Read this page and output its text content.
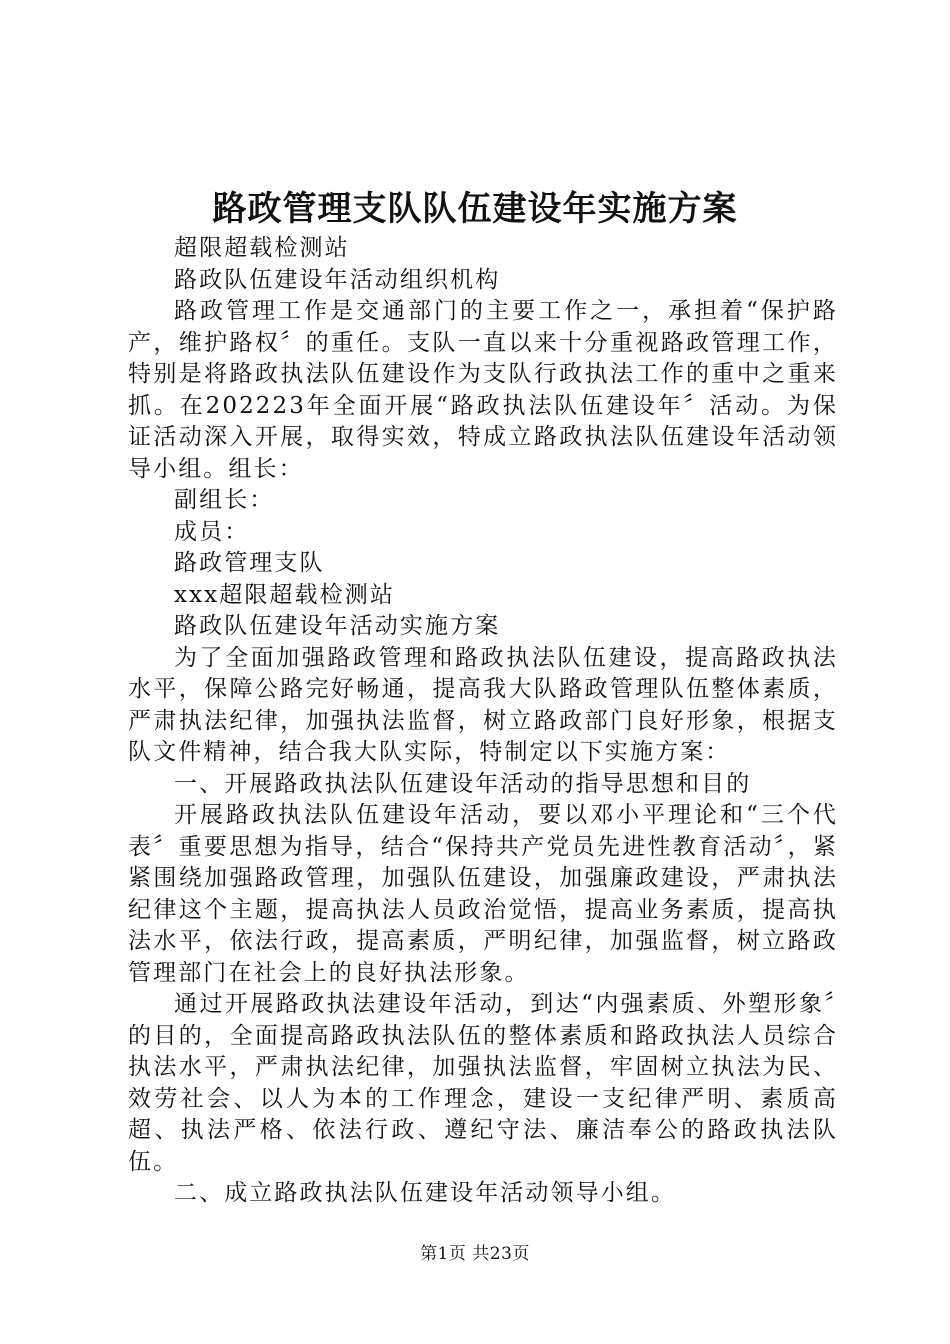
路政管理支队队伍建设年实施方案

超限超载检测站

路政队伍建设年活动组织机构

路政管理工作是交通部门的主要工作之一，承担着“保护路产，维护路权〞的重任。支队一直以来十分重视路政管理工作，特别是将路政执法队伍建设作为支队行政执法工作的重中之重来抓。在202223年全面开展“路政执法队伍建设年〞活动。为保证活动深入开展，取得实效，特成立路政执法队伍建设年活动领导小组。组长：

副组长：

成员：

路政管理支队

xxx超限超载检测站

路政队伍建设年活动实施方案

为了全面加强路政管理和路政执法队伍建设，提高路政执法水平，保障公路完好畅通，提高我大队路政管理队伍整体素质，严肃执法纪律，加强执法监督，树立路政部门良好形象，根据支队文件精神，结合我大队实际，特制定以下实施方案：

一、开展路政执法队伍建设年活动的指导思想和目的

开展路政执法队伍建设年活动，要以邓小平理论和“三个代表〞重要思想为指导，结合“保持共产党员先进性教育活动〞，紧紧围绕加强路政管理，加强队伍建设，加强廉政建设，严肃执法纪律这个主题，提高执法人员政治觉悟，提高业务素质，提高执法水平，依法行政，提高素质，严明纪律，加强监督，树立路政管理部门在社会上的良好执法形象。

通过开展路政执法建设年活动，到达“内强素质、外塑形象〞的目的，全面提高路政执法队伍的整体素质和路政执法人员综合执法水平，严肃执法纪律，加强执法监督，牢固树立执法为民、效劳社会、以人为本的工作理念，建设一支纪律严明、素质高超、执法严格、依法行政、遵纪守法、廉洁奉公的路政执法队伍。

二、成立路政执法队伍建设年活动领导小组。

第1页 共23页
